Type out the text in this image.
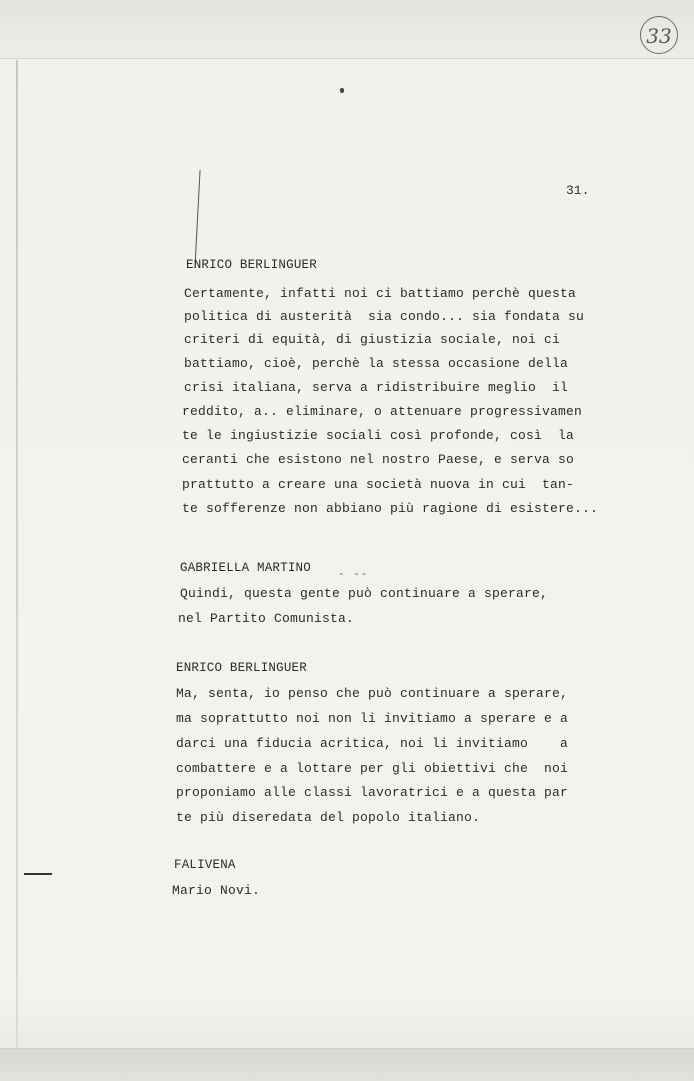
33
31.
ENRICO BERLINGUER
Certamente, infatti noi ci battiamo perchè questa
politica di austerità  sia condo... sia fondata su
criteri di equità, di giustizia sociale, noi ci
battiamo, cioè, perchè la stessa occasione della
crisi italiana, serva a ridistribuire meglio  il
reddito, a.. eliminare, o attenuare progressivamen
te le ingiustizie sociali così profonde, così  la
ceranti che esistono nel nostro Paese, e serva so
prattutto a creare una società nuova in cui  tan-
te sofferenze non abbiano più ragione di esistere...
GABRIELLA MARTINO - --
Quindi, questa gente può continuare a sperare,
nel Partito Comunista.
ENRICO BERLINGUER
Ma, senta, io penso che può continuare a sperare,
ma soprattutto noi non li invitiamo a sperare e a
darci una fiducia acritica, noi li invitiamo    a
combattere e a lottare per gli obiettivi che  noi
proponiamo alle classi lavoratrici e a questa par
te più diseredata del popolo italiano.
FALIVENA
Mario Novi.
